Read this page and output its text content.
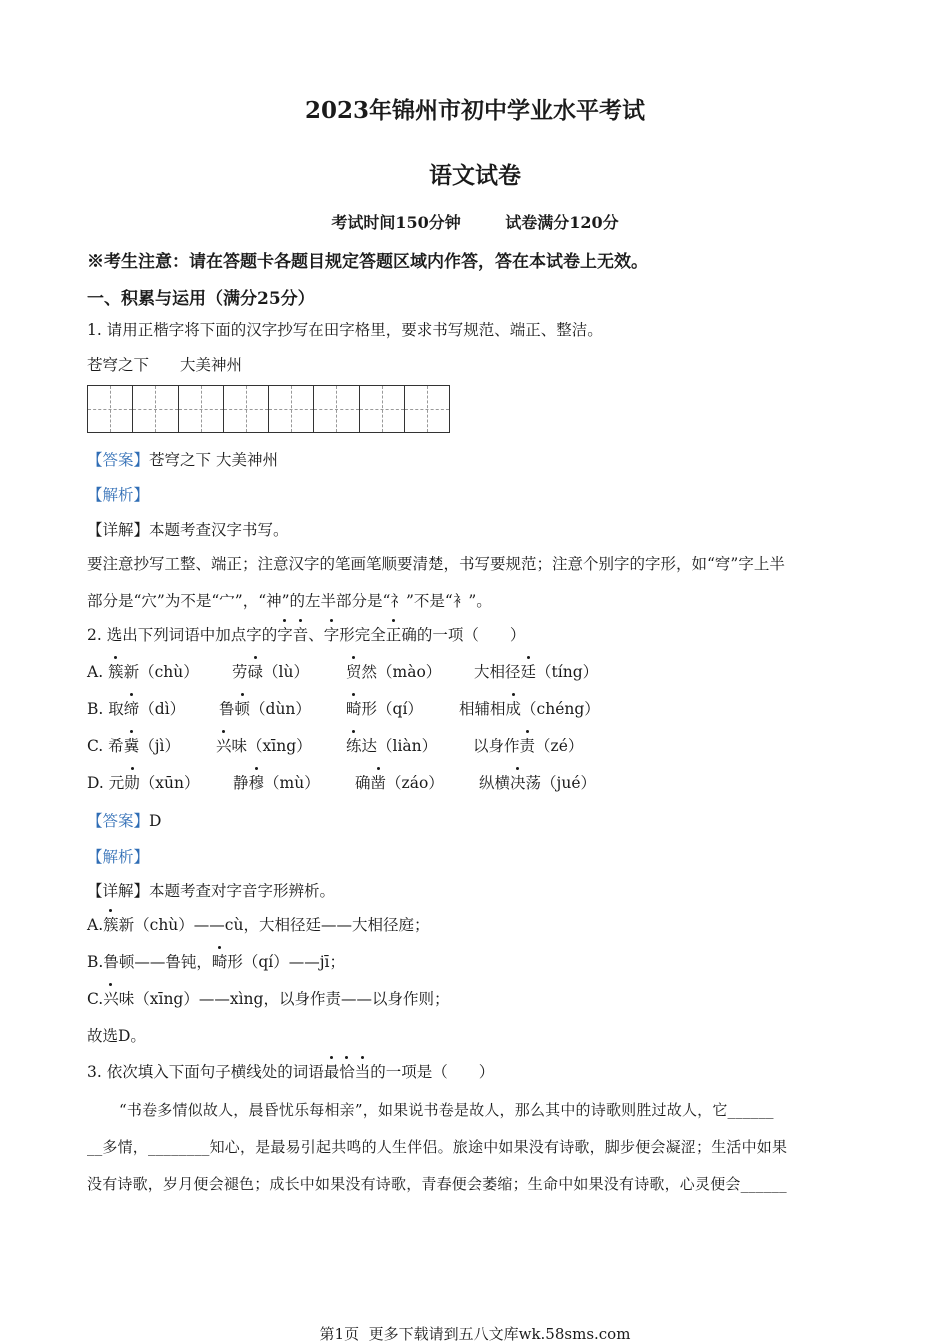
2023年锦州市初中学业水平考试
语文试卷
考试时间150分钟        试卷满分120分
※考生注意：请在答题卡各题目规定答题区域内作答，答在本试卷上无效。
一、积累与运用（满分25分）
1. 请用正楷字将下面的汉字抄写在田字格里，要求书写规范、端正、整洁。
苍穹之下　　大美神州
【答案】苍穹之下 大美神州
【解析】
【详解】本题考查汉字书写。
要注意抄写工整、端正；注意汉字的笔画笔顺要清楚，书写要规范；注意个别字的字形，如“穹”字上半
部分是“穴”为不是“宀”，“神”的左半部分是“礻”不是“衤”。
2. 选出下列词语中加点字的字音、字形完全正确的一项（　　）
A. 簇新（chù） 劳碌（lù） 贸然（mào） 大相径廷（tíng）
B. 取缔（dì） 鲁顿（dùn） 畸形（qí） 相辅相成（chéng）
C. 希冀（jì） 兴味（xīng） 练达（liàn） 以身作责（zé）
D. 元勋（xūn） 静穆（mù） 确凿（záo） 纵横决荡（jué）
【答案】D
【解析】
【详解】本题考查对字音字形辨析。
A.簇新（chù）——cù，大相径廷——大相径庭；
B.鲁顿——鲁钝，畸形（qí）——jī；
C.兴味（xīng）——xìng，以身作责——以身作则；
故选D。
3. 依次填入下面句子横线处的词语最恰当的一项是（　　）
“书卷多情似故人，晨昏忧乐每相亲”，如果说书卷是故人，那么其中的诗歌则胜过故人，它______
__多情，________知心，是最易引起共鸣的人生伴侣。旅途中如果没有诗歌，脚步便会凝涩；生活中如果
没有诗歌，岁月便会褪色；成长中如果没有诗歌，青春便会萎缩；生命中如果没有诗歌，心灵便会______
第1页  更多下载请到五八文库wk.58sms.com
